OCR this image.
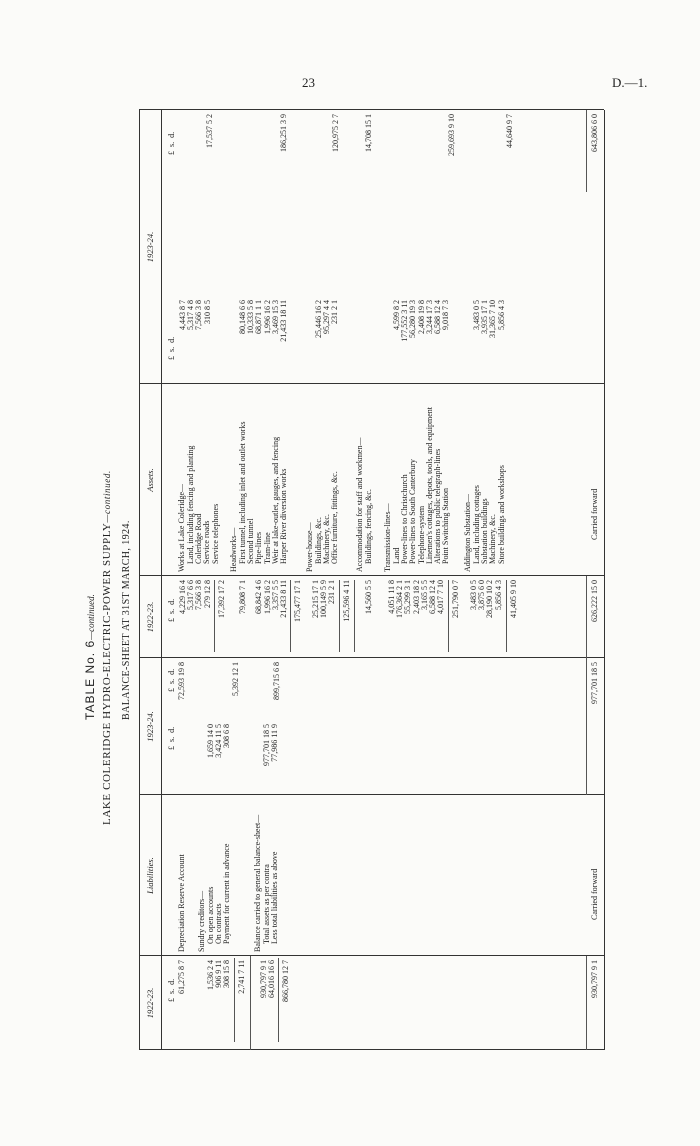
23	D.—1.
TABLE No. 6—continued. LAKE COLERIDGE HYDRO-ELECTRIC-POWER SUPPLY—continued.
BALANCE-SHEET AT 31ST MARCH, 1924.
1922-23.
Liabilities.
1923-24.
1922-23.
Assets.
1923-24.
£  s.  d.
£  s.  d.
£  s.  d.
£  s.  d.
£  s.  d.
£  s.  d.
61,275 8 7
Depreciation Reserve Account
72,593 19 8
Sundry creditors— On open accounts On contracts Payment for current in advance
1,536 2 4 906 9 11 308 15 8
1,659 14 0 3,424 11 5 308 6 8
2,741 7 11
5,392 12 1
Balance carried to general balance-sheet— Total assets as per contra Less total liabilities as above
930,797 9 1 64,016 16 6
977,701 18 5 77,986 11 9
866,780 12 7
899,715 6 8
930,797 9 1
Carried forward
977,701 18 5
Works at Lake Coleridge— Land, including fencing and planting Coleridge Road Service roads Service telephones
4,229 16 4 5,317 6 6 7,566 3 8 279 12 8
4,443 8 7 5,317 4 8 7,566 3 8 310 8 5
17,392 17 2
17,537 5 2
Headworks— First tunnel, including inlet and outlet works Second tunnel Pipe-lines Tram-line Weir at lake-outlet, gauges, and fencing Harper River diversion works
79,808 7 1 68,842 4 6 1,996 16 2 3,357 5 5 21,433 8 11
80,148 6 6 10,333 5 8 68,871 1 1 1,996 16 2 3,469 15 3 21,433 18 11
175,477 17 1
186,251 3 9
Power-house— Buildings, &c. Machinery, &c. Office furniture, fittings, &c.
25,215 17 1 100,149 5 9 231 2 1
25,446 16 2 95,297 4 4 231 2 1
125,596 4 11
120,975 2 7
Accommodation for staff and workmen— Buildings, fencing, &c.
14,560 5 5
14,708 15 1
Transmission-lines— Land Power-lines to Christchurch Power-lines to South Canterbury Telephone-system Linemen's cottages, depots, tools, and equipment Alterations to public telegraph-lines Point Switching Station
4,051 11 8 176,364 2 1 55,299 3 1 2,403 18 2 3,165 5 5 6,588 12 4 4,017 7 10
4,599 8 2 177,552 3 11 56,280 19 3 2,408 19 8 3,244 17 3 6,588 12 4 9,018 7 3
251,790 0 7
259,693 9 10
Addington Substation— Land, including cottages Substation buildings Machinery, &c. Store buildings and workshops
3,483 0 5 3,875 6 0 28,190 10 2 5,856 4 3
3,483 0 5 3,935 17 1 31,365 7 10 5,856 4 3
41,405 9 10
44,640 9 7
626,222 15 0
Carried forward
643,806 6 0
